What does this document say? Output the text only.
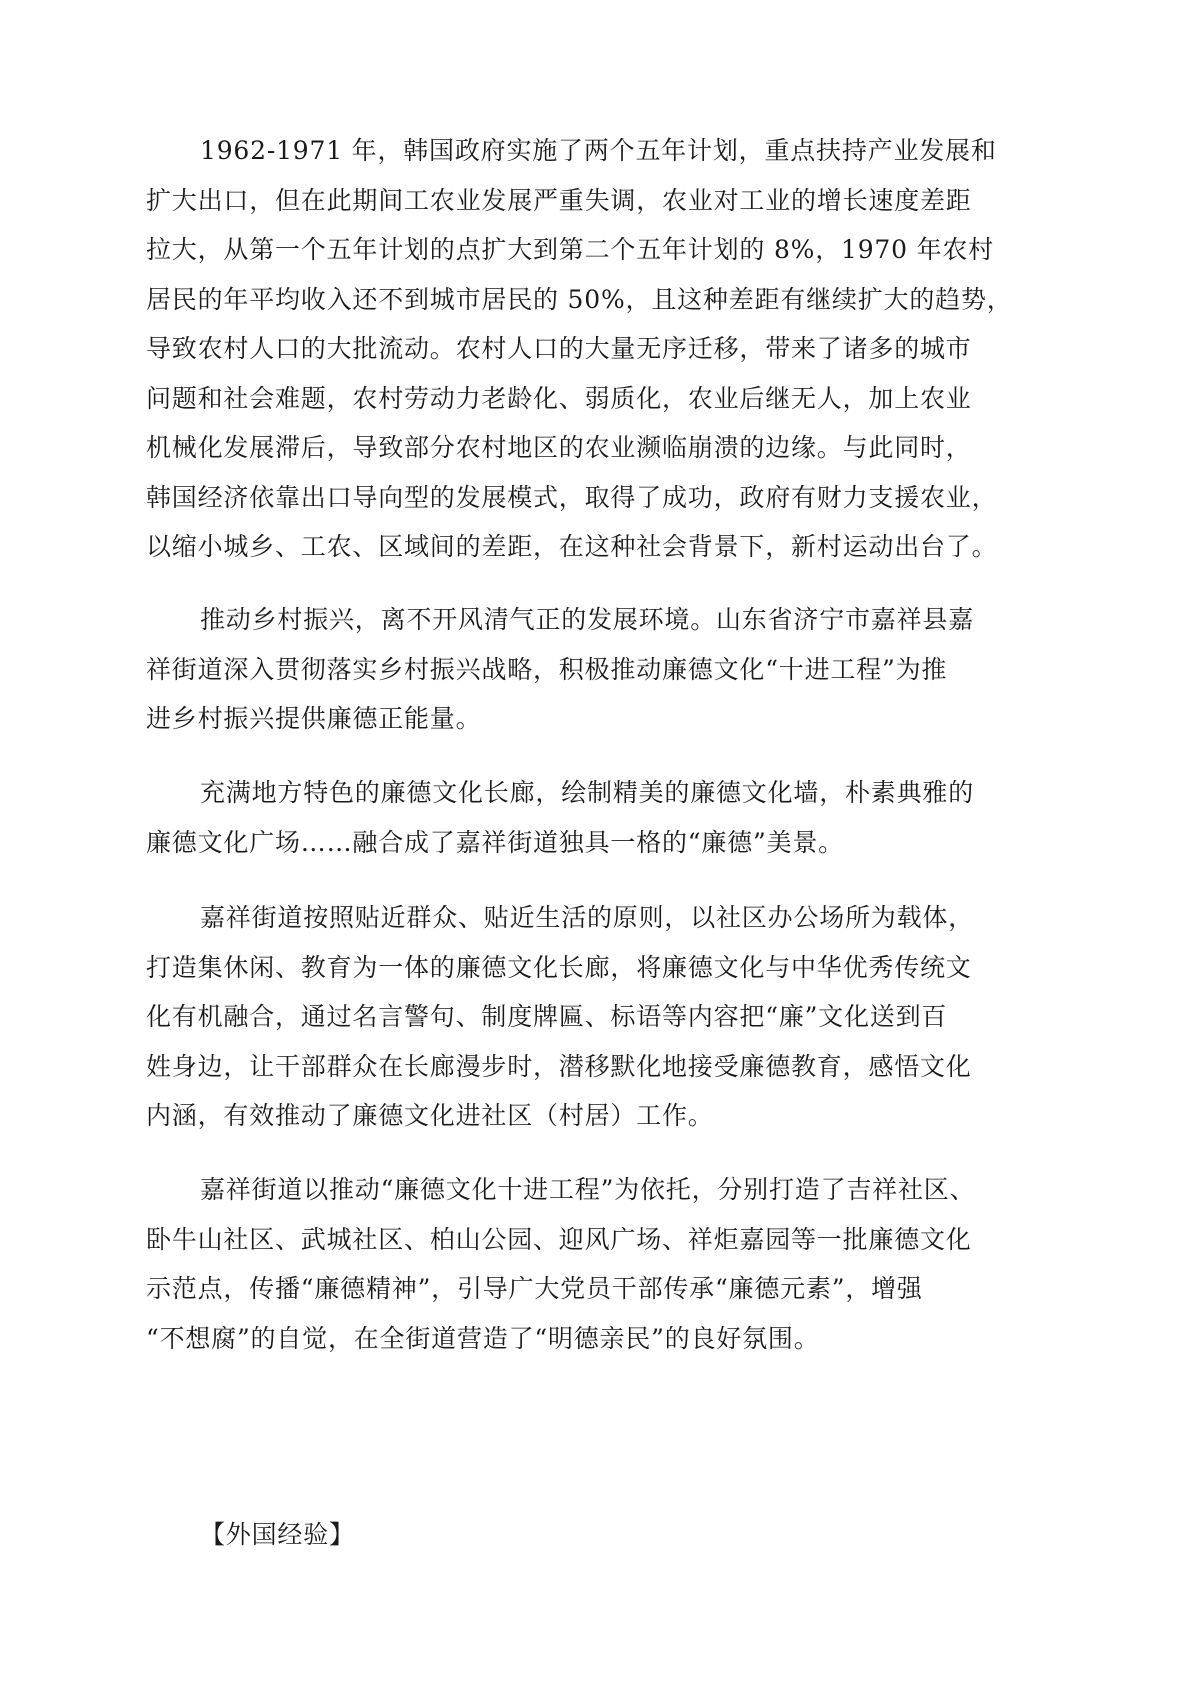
1962-1971 年，韩国政府实施了两个五年计划，重点扶持产业发展和
扩大出口，但在此期间工农业发展严重失调，农业对工业的增长速度差距
拉大，从第一个五年计划的点扩大到第二个五年计划的 8%，1970 年农村
居民的年平均收入还不到城市居民的 50%，且这种差距有继续扩大的趋势，
导致农村人口的大批流动。农村人口的大量无序迁移，带来了诸多的城市
问题和社会难题，农村劳动力老龄化、弱质化，农业后继无人，加上农业
机械化发展滞后，导致部分农村地区的农业濒临崩溃的边缘。与此同时，
韩国经济依靠出口导向型的发展模式，取得了成功，政府有财力支援农业，
以缩小城乡、工农、区域间的差距，在这种社会背景下，新村运动出台了。

推动乡村振兴，离不开风清气正的发展环境。山东省济宁市嘉祥县嘉
祥街道深入贯彻落实乡村振兴战略，积极推动廉德文化“十进工程”为推
进乡村振兴提供廉德正能量。

充满地方特色的廉德文化长廊，绘制精美的廉德文化墙，朴素典雅的
廉德文化广场……融合成了嘉祥街道独具一格的“廉德”美景。

嘉祥街道按照贴近群众、贴近生活的原则，以社区办公场所为载体，
打造集休闲、教育为一体的廉德文化长廊，将廉德文化与中华优秀传统文
化有机融合，通过名言警句、制度牌匾、标语等内容把“廉”文化送到百
姓身边，让干部群众在长廊漫步时，潜移默化地接受廉德教育，感悟文化
内涵，有效推动了廉德文化进社区（村居）工作。

嘉祥街道以推动“廉德文化十进工程”为依托，分别打造了吉祥社区、
卧牛山社区、武城社区、柏山公园、迎风广场、祥炬嘉园等一批廉德文化
示范点，传播“廉德精神”，引导广大党员干部传承“廉德元素”，增强
“不想腐”的自觉，在全街道营造了“明德亲民”的良好氛围。

【外国经验】
